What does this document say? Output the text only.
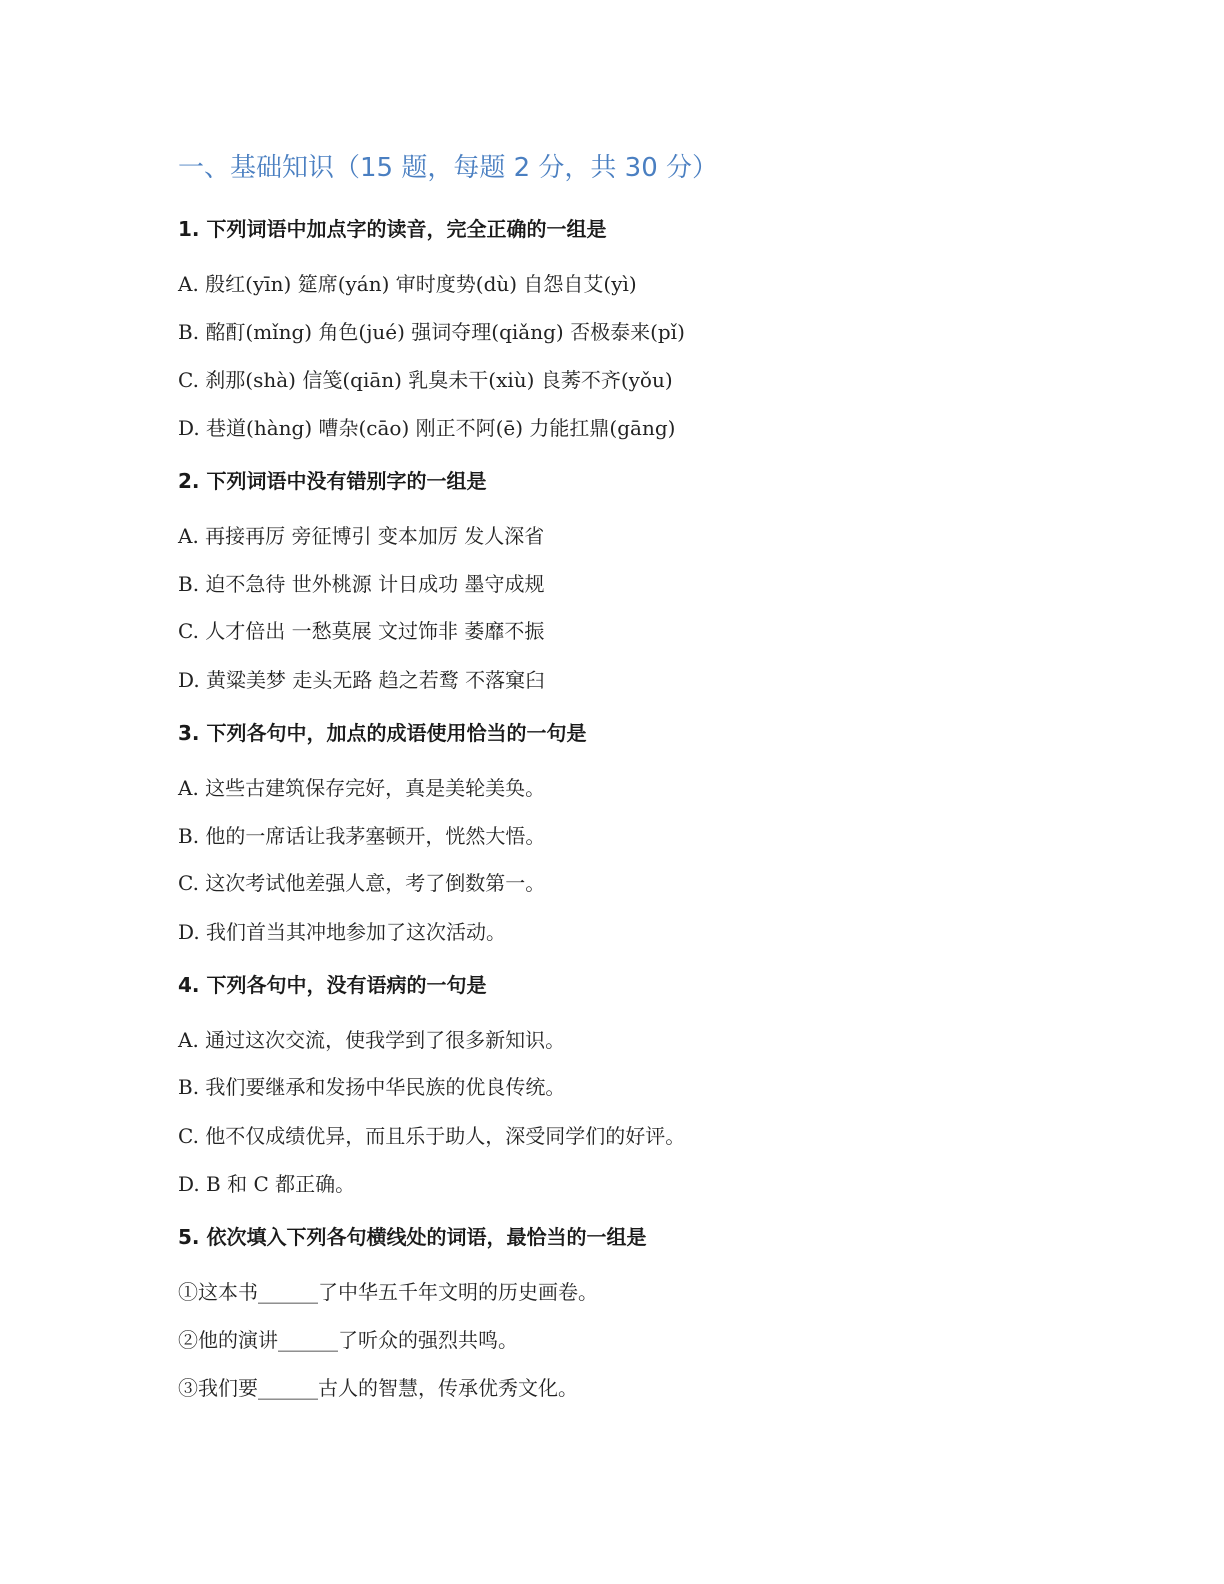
一、基础知识（15 题，每题 2 分，共 30 分）
1. 下列词语中加点字的读音，完全正确的一组是
A. 殷红(yīn) 筵席(yán) 审时度势(dù) 自怨自艾(yì)
B. 酩酊(mǐng) 角色(jué) 强词夺理(qiǎng) 否极泰来(pǐ)
C. 刹那(shà) 信笺(qiān) 乳臭未干(xiù) 良莠不齐(yǒu)
D. 巷道(hàng) 嘈杂(cāo) 刚正不阿(ē) 力能扛鼎(gāng)
2. 下列词语中没有错别字的一组是
A. 再接再厉 旁征博引 变本加厉 发人深省
B. 迫不急待 世外桃源 计日成功 墨守成规
C. 人才倍出 一愁莫展 文过饰非 萎靡不振
D. 黄粱美梦 走头无路 趋之若鹜 不落窠臼
3. 下列各句中，加点的成语使用恰当的一句是
A. 这些古建筑保存完好，真是美轮美奂。
B. 他的一席话让我茅塞顿开，恍然大悟。
C. 这次考试他差强人意，考了倒数第一。
D. 我们首当其冲地参加了这次活动。
4. 下列各句中，没有语病的一句是
A. 通过这次交流，使我学到了很多新知识。
B. 我们要继承和发扬中华民族的优良传统。
C. 他不仅成绩优异，而且乐于助人，深受同学们的好评。
D. B 和 C 都正确。
5. 依次填入下列各句横线处的词语，最恰当的一组是
①这本书______了中华五千年文明的历史画卷。
②他的演讲______了听众的强烈共鸣。
③我们要______古人的智慧，传承优秀文化。
